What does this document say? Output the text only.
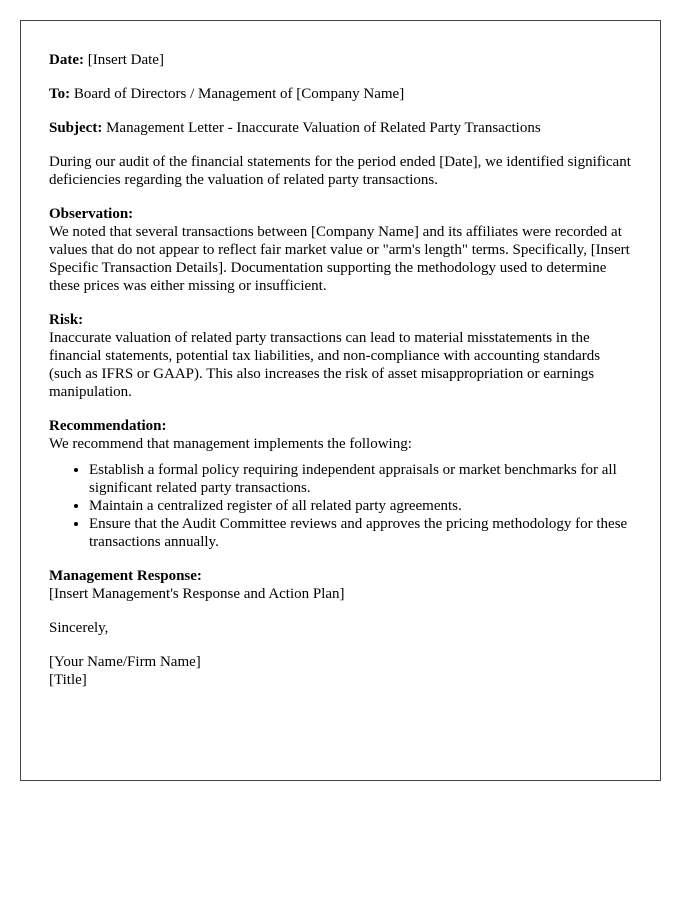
Date: [Insert Date]

To: Board of Directors / Management of [Company Name]

Subject: Management Letter - Inaccurate Valuation of Related Party Transactions

During our audit of the financial statements for the period ended [Date], we identified significant deficiencies regarding the valuation of related party transactions.

Observation:
We noted that several transactions between [Company Name] and its affiliates were recorded at values that do not appear to reflect fair market value or "arm's length" terms. Specifically, [Insert Specific Transaction Details]. Documentation supporting the methodology used to determine these prices was either missing or insufficient.

Risk:
Inaccurate valuation of related party transactions can lead to material misstatements in the financial statements, potential tax liabilities, and non-compliance with accounting standards (such as IFRS or GAAP). This also increases the risk of asset misappropriation or earnings manipulation.

Recommendation:
We recommend that management implements the following:

• Establish a formal policy requiring independent appraisals or market benchmarks for all significant related party transactions.
• Maintain a centralized register of all related party agreements.
• Ensure that the Audit Committee reviews and approves the pricing methodology for these transactions annually.

Management Response:
[Insert Management's Response and Action Plan]

Sincerely,

[Your Name/Firm Name]
[Title]
